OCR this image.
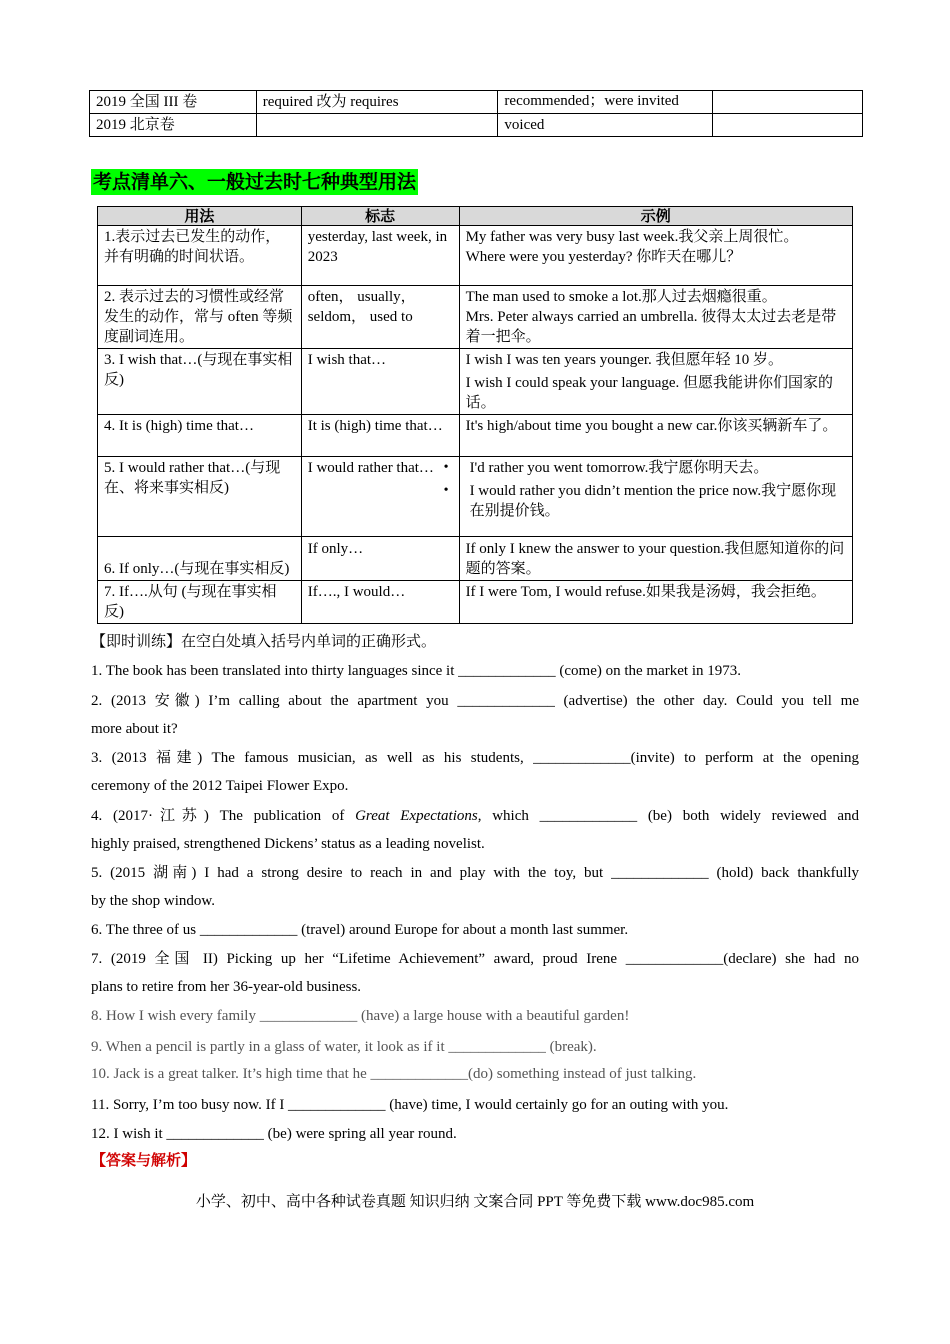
2019 全国 III 卷	required 改为 requires	recommended；were invited	
2019 北京卷		voiced	
考点清单六、一般过去时七种典型用法
用法	标志	示例
1.表示过去已发生的动作，并有明确的时间状语。	yesterday, last week, in 2023	My father was very busy last week.我父亲上周很忙。
Where were you yesterday? 你昨天在哪儿？

2. 表示过去的习惯性或经常发生的动作，常与 often 等频度副词连用。	often， usually， seldom， used to	The man used to smoke a lot.那人过去烟瘾很重。
Mrs. Peter always carried an umbrella. 彼得太太过去老是带着一把伞。

3. I wish that…(与现在事实相反)	I wish that…	I wish I was ten years younger. 我但愿年轻 10 岁。
I wish I could speak your language. 但愿我能讲你们国家的话。

4. It is (high) time that…	It is (high) time that…	It's high/about time you bought a new car.你该买辆新车了。

5. I would rather that…(与现在、将来事实相反)	I would rather that…	• I'd rather you went tomorrow.我宁愿你明天去。
• I would rather you didn’t mention the price now.我宁愿你现在别提价钱。

6. If only…(与现在事实相反)	If only…	If only I knew the answer to your question.我但愿知道你的问题的答案。

7. If….从句 (与现在事实相反)	If…., I would…	If I were Tom, I would refuse.如果我是汤姆，我会拒绝。
【即时训练】在空白处填入括号内单词的正确形式。
1. The book has been translated into thirty languages since it _____________ (come) on the market in 1973.
2. (2013 安徽) I’m calling about the apartment you _____________ (advertise) the other day. Could you tell me
more about it?
3. (2013 福建) The famous musician, as well as his students, _____________(invite) to perform at the opening
ceremony of the 2012 Taipei Flower Expo.
4. (2017·江苏) The publication of Great Expectations, which _____________ (be) both widely reviewed and
highly praised, strengthened Dickens’ status as a leading novelist.
5. (2015 湖南) I had a strong desire to reach in and play with the toy, but _____________ (hold) back thankfully
by the shop window.
6. The three of us _____________ (travel) around Europe for about a month last summer.
7. (2019 全国 II) Picking up her “Lifetime Achievement” award, proud Irene _____________(declare) she had no
plans to retire from her 36-year-old business.
8. How I wish every family _____________ (have) a large house with a beautiful garden!
9. When a pencil is partly in a glass of water, it look as if it _____________ (break).
10. Jack is a great talker. It’s high time that he _____________(do) something instead of just talking.
11. Sorry, I’m too busy now. If I _____________ (have) time, I would certainly go for an outing with you.
12. I wish it _____________ (be) were spring all year round.
【答案与解析】
小学、初中、高中各种试卷真题 知识归纳 文案合同 PPT 等免费下载 www.doc985.com
